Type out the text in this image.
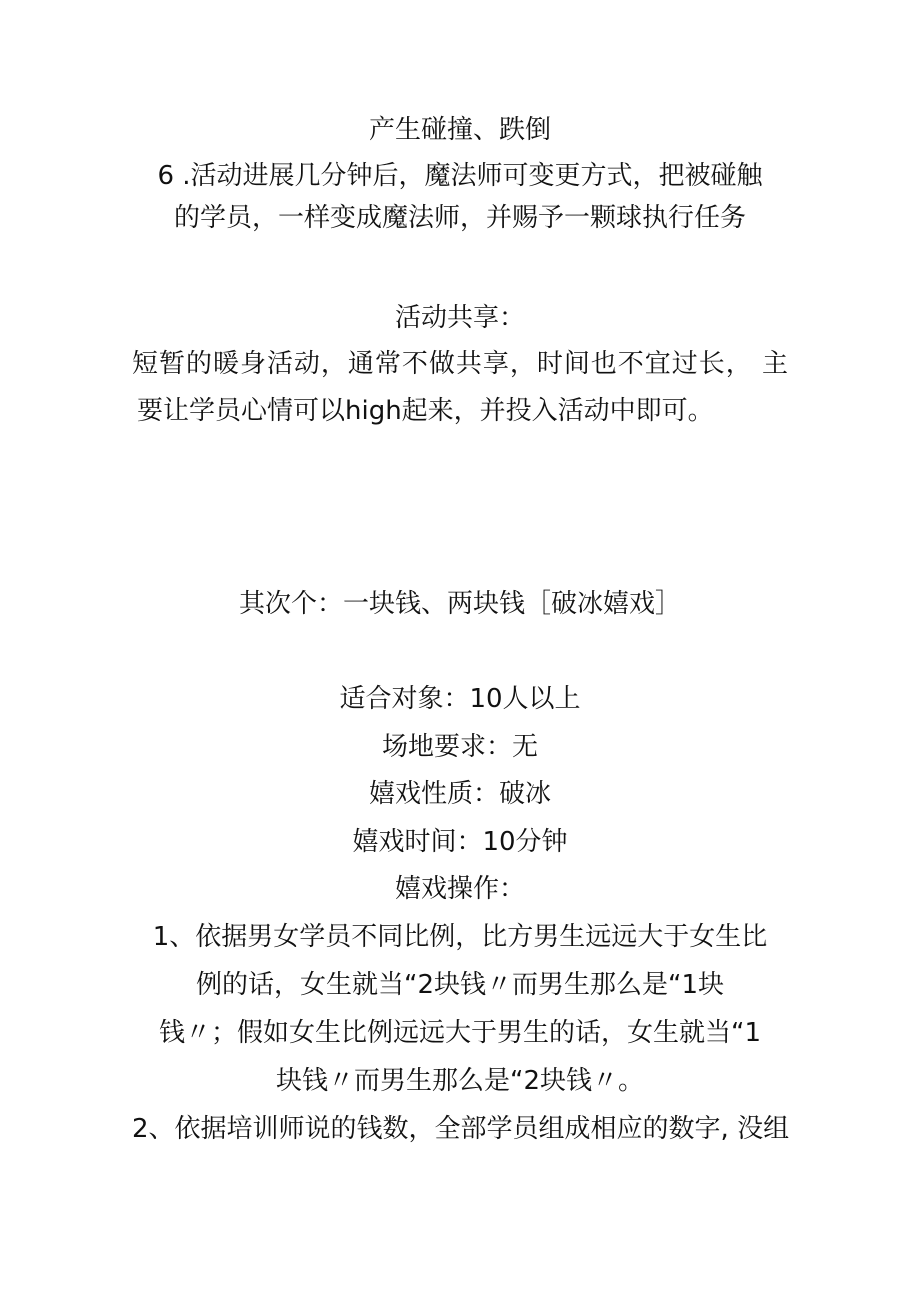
产生碰撞、跌倒
6 .活动进展几分钟后，魔法师可变更方式，把被碰触
的学员，一样变成魔法师，并赐予一颗球执行任务
活动共享：
短暂的暖身活动，通常不做共享，时间也不宜过长， 主
要让学员心情可以high起来，并投入活动中即可。
其次个：一块钱、两块钱［破冰嬉戏］
适合对象：10人以上
场地要求：无
嬉戏性质：破冰
嬉戏时间：10分钟
嬉戏操作：
1、依据男女学员不同比例，比方男生远远大于女生比
例的话，女生就当“2块钱〃而男生那么是“1块
钱〃；假如女生比例远远大于男生的话，女生就当“1
块钱〃而男生那么是“2块钱〃。
2、依据培训师说的钱数，全部学员组成相应的数字, 没组
